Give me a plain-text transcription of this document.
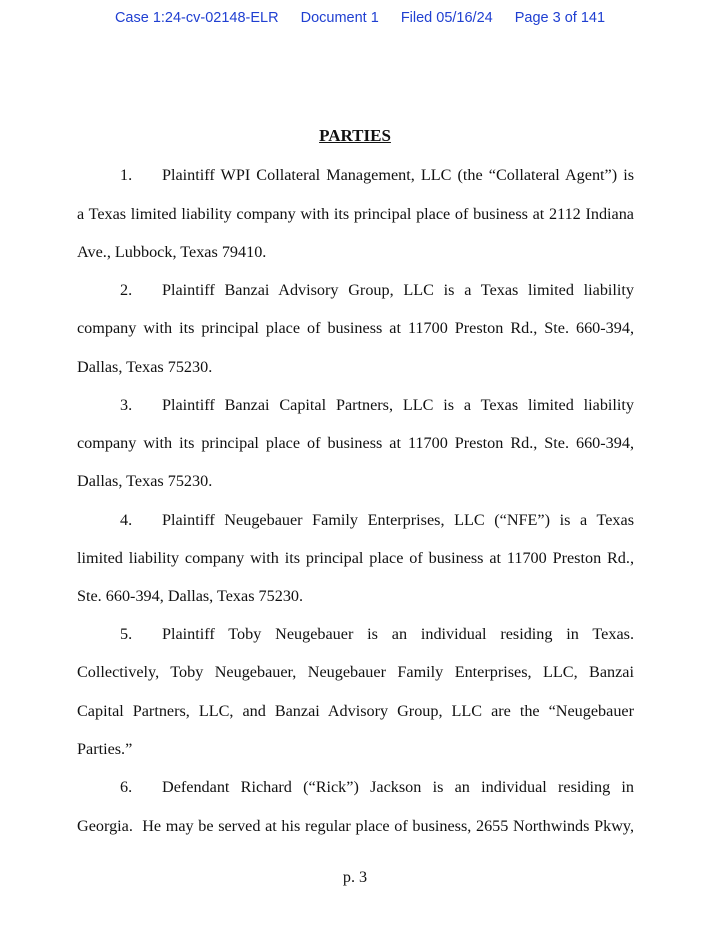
Case 1:24-cv-02148-ELR Document 1 Filed 05/16/24 Page 3 of 141
PARTIES
1. Plaintiff WPI Collateral Management, LLC (the “Collateral Agent”) is
a Texas limited liability company with its principal place of business at 2112 Indiana
Ave., Lubbock, Texas 79410.
2. Plaintiff Banzai Advisory Group, LLC is a Texas limited liability
company with its principal place of business at 11700 Preston Rd., Ste. 660-394,
Dallas, Texas 75230.
3. Plaintiff Banzai Capital Partners, LLC is a Texas limited liability
company with its principal place of business at 11700 Preston Rd., Ste. 660-394,
Dallas, Texas 75230.
4. Plaintiff Neugebauer Family Enterprises, LLC (“NFE”) is a Texas
limited liability company with its principal place of business at 11700 Preston Rd.,
Ste. 660-394, Dallas, Texas 75230.
5. Plaintiff Toby Neugebauer is an individual residing in Texas.
Collectively, Toby Neugebauer, Neugebauer Family Enterprises, LLC, Banzai
Capital Partners, LLC, and Banzai Advisory Group, LLC are the “Neugebauer
Parties.”
6. Defendant Richard (“Rick”) Jackson is an individual residing in
Georgia.  He may be served at his regular place of business, 2655 Northwinds Pkwy,
p. 3
